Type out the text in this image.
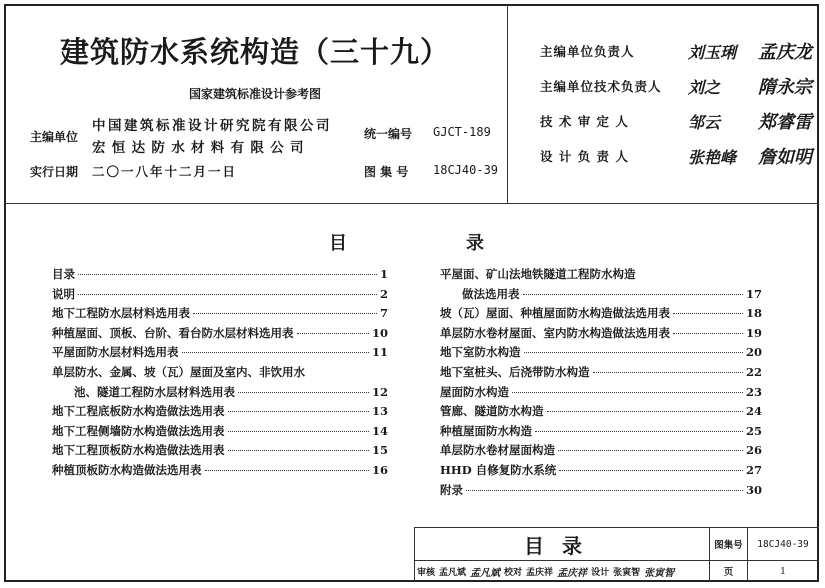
建筑防水系统构造（三十九）
国家建筑标准设计参考图
主编单位
中国建筑标准设计研究院有限公司
宏恒达防水材料有限公司
统一编号 GJCT-189
实行日期 二〇一八年十二月一日	图 集 号 18CJ40-39
主编单位负责人	刘玉琍	孟庆龙
主编单位技术负责人	刘之	隋永宗
技 术 审 定 人	邹云	郑睿雷
设 计 负 责 人	张艳峰	詹如明
目	录
目录	1
说明	2
地下工程防水层材料选用表	7
种植屋面、顶板、台阶、看台防水层材料选用表	10
平屋面防水层材料选用表	11
单层防水、金属、坡（瓦）屋面及室内、非饮用水
池、隧道工程防水层材料选用表	12
地下工程底板防水构造做法选用表	13
地下工程侧墙防水构造做法选用表	14
地下工程顶板防水构造做法选用表	15
种植顶板防水构造做法选用表	16
平屋面、矿山法地铁隧道工程防水构造
做法选用表	17
坡（瓦）屋面、种植屋面防水构造做法选用表	18
单层防水卷材屋面、室内防水构造做法选用表	19
地下室防水构造	20
地下室桩头、后浇带防水构造	22
屋面防水构造	23
管廊、隧道防水构造	24
种植屋面防水构造	25
单层防水卷材屋面构造	26
HHD 自修复防水系统	27
附录	30
目录	图集号	18CJ40-39
审核 孟凡斌 孟凡斌 校对 孟庆祥 孟庆祥 设计 张寅智 张寅智	页	1
